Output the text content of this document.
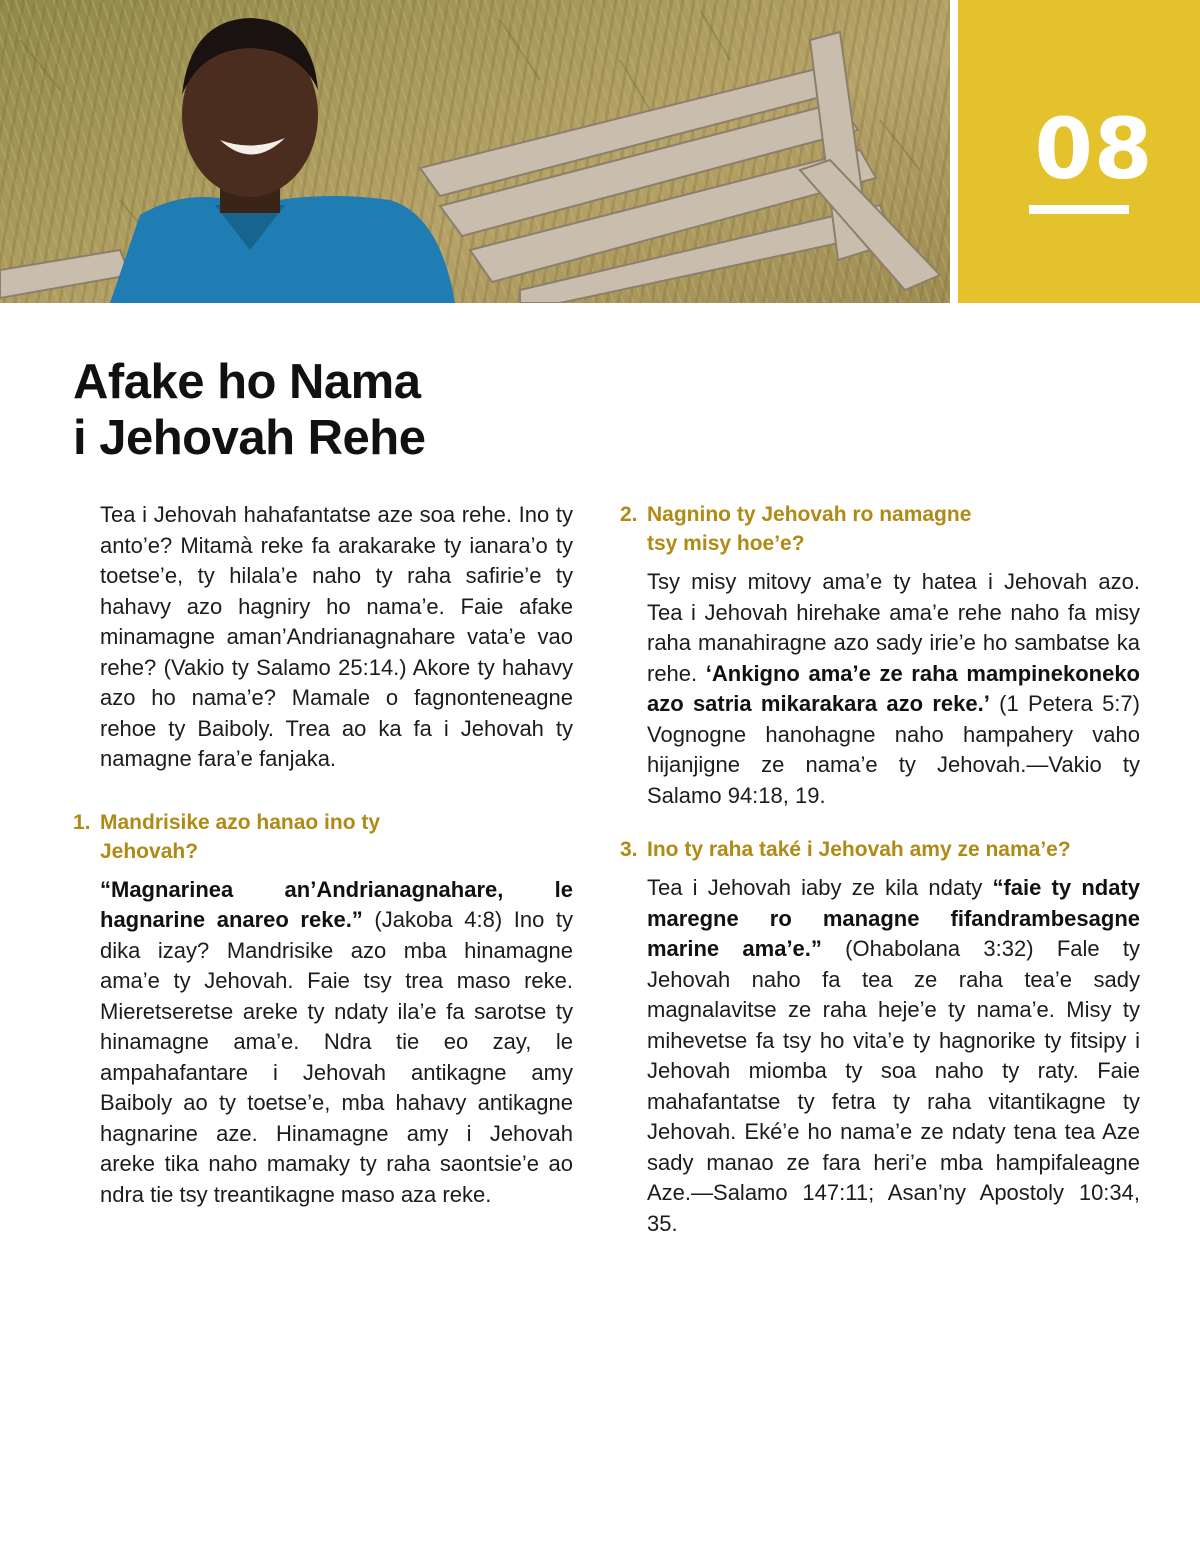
08
Afake ho Nama
i Jehovah Rehe

Tea i Jehovah hahafantatse aze soa rehe. Ino ty anto’e? Mitamà reke fa arakarake ty ianara’o ty toetse’e, ty hilala’e naho ty raha safirie’e ty hahavy azo hagniry ho nama’e. Faie afake minamagne aman’Andrianagnahare vata’e vao rehe? (Vakio ty Salamo 25:14.) Akore ty hahavy azo ho nama’e? Mamale o fagnonteneagne rehoe ty Baiboly. Trea ao ka fa i Jehovah ty namagne fara’e fanjaka.

1. Mandrisike azo hanao ino ty Jehovah?

“Magnarinea an’Andrianagnahare, le hagnarine anareo reke.” (Jakoba 4:8) Ino ty dika izay? Mandrisike azo mba hinamagne ama’e ty Jehovah. Faie tsy trea maso reke. Mieretseretse areke ty ndaty ila’e fa sarotse ty hinamagne ama’e. Ndra tie eo zay, le ampahafantare i Jehovah antikagne amy Baiboly ao ty toetse’e, mba hahavy antikagne hagnarine aze. Hinamagne amy i Jehovah areke tika naho mamaky ty raha saontsie’e ao ndra tie tsy treantikagne maso aza reke.

2. Nagnino ty Jehovah ro namagne tsy misy hoe’e?

Tsy misy mitovy ama’e ty hatea i Jehovah azo. Tea i Jehovah hirehake ama’e rehe naho fa misy raha manahiragne azo sady irie’e ho sambatse ka rehe. ‘Ankigno ama’e ze raha mampinekoneko azo satria mikarakara azo reke.’ (1 Petera 5:7) Vognogne hanohagne naho hampahery vaho hijanjigne ze nama’e ty Jehovah.—Vakio ty Salamo 94:18, 19.

3. Ino ty raha také i Jehovah amy ze nama’e?

Tea i Jehovah iaby ze kila ndaty “faie ty ndaty maregne ro managne fifandrambesagne marine ama’e.” (Ohabolana 3:32) Fale ty Jehovah naho fa tea ze raha tea’e sady magnalavitse ze raha heje’e ty nama’e. Misy ty mihevetse fa tsy ho vita’e ty hagnorike ty fitsipy i Jehovah miomba ty soa naho ty raty. Faie mahafantatse ty fetra ty raha vitantikagne ty Jehovah. Eké’e ho nama’e ze ndaty tena tea Aze sady manao ze fara heri’e mba hampifaleagne Aze.—Salamo 147:11; Asan’ny Apostoly 10:34, 35.
